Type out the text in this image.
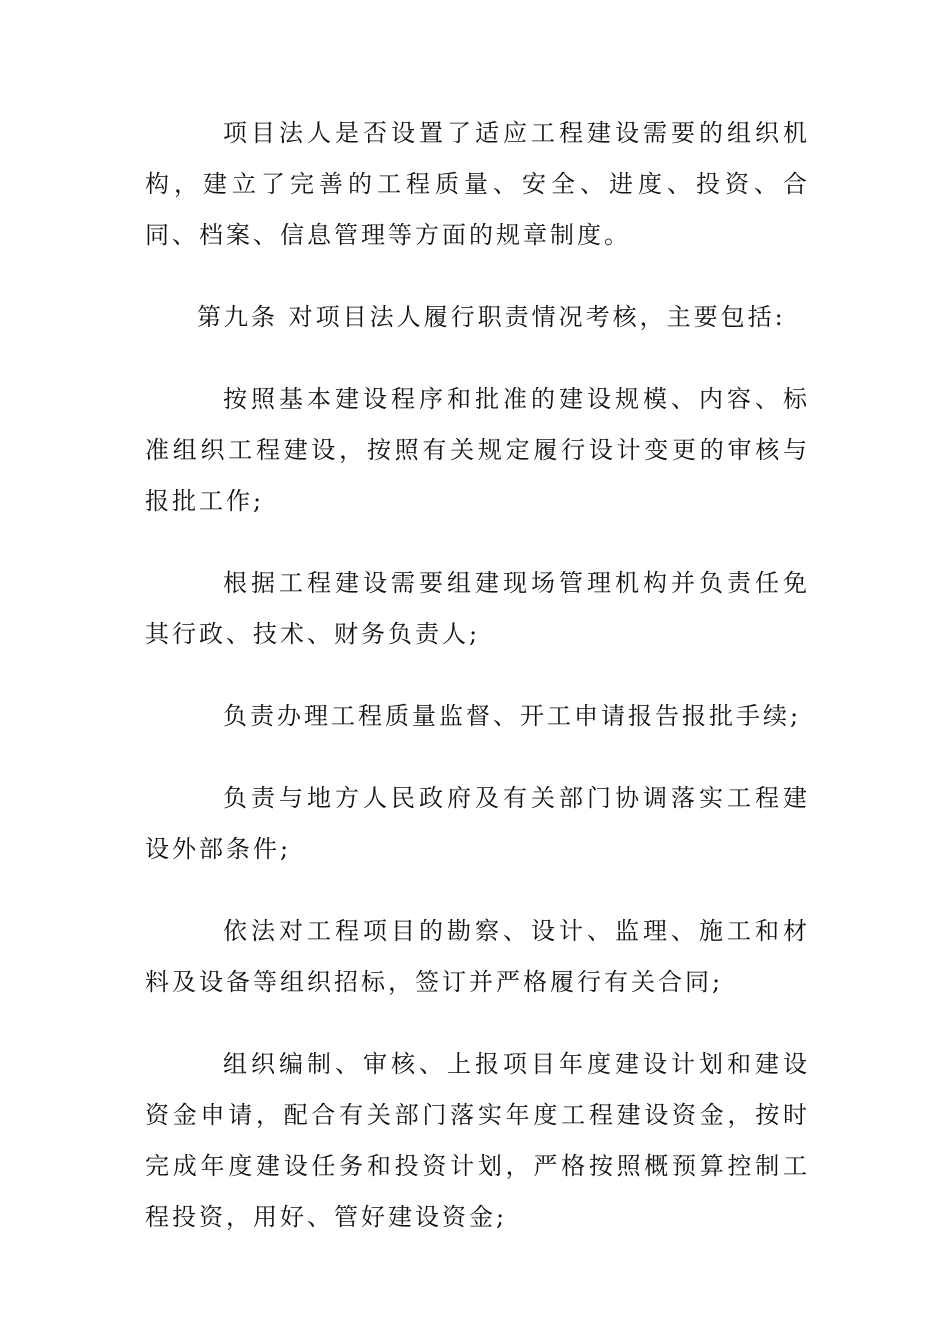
项目法人是否设置了适应工程建设需要的组织机构，建立了完善的工程质量、安全、进度、投资、合同、档案、信息管理等方面的规章制度。

第九条 对项目法人履行职责情况考核，主要包括:

按照基本建设程序和批准的建设规模、内容、标准组织工程建设，按照有关规定履行设计变更的审核与报批工作;

根据工程建设需要组建现场管理机构并负责任免其行政、技术、财务负责人;

负责办理工程质量监督、开工申请报告报批手续;

负责与地方人民政府及有关部门协调落实工程建设外部条件;

依法对工程项目的勘察、设计、监理、施工和材料及设备等组织招标，签订并严格履行有关合同;

组织编制、审核、上报项目年度建设计划和建设资金申请，配合有关部门落实年度工程建设资金，按时完成年度建设任务和投资计划，严格按照概预算控制工程投资，用好、管好建设资金;
